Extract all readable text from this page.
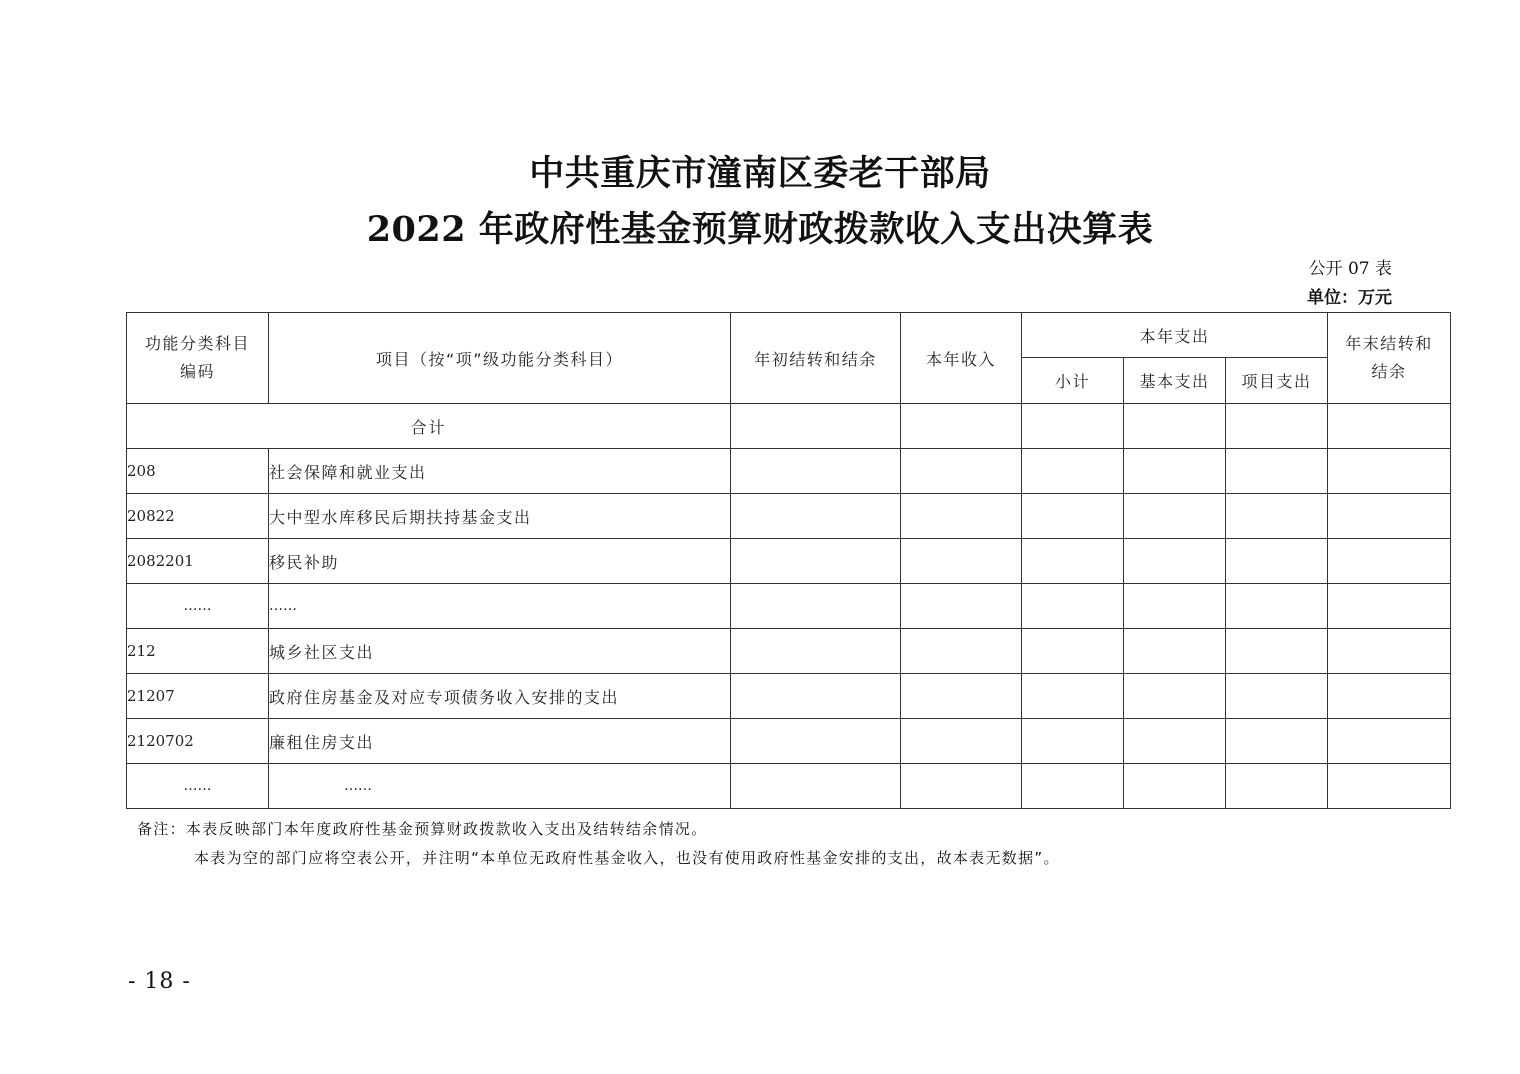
中共重庆市潼南区委老干部局
2022 年政府性基金预算财政拨款收入支出决算表
公开 07 表
单位：万元
功能分类科目编码	项目（按“项”级功能分类科目）	年初结转和结余	本年收入	本年支出			年末结转和结余
				小计	基本支出	项目支出	
合计							
208	社会保障和就业支出						
20822	大中型水库移民后期扶持基金支出						
2082201	移民补助						
……	……						
212	城乡社区支出						
21207	政府住房基金及对应专项债务收入安排的支出						
2120702	廉租住房支出						
……	……						
备注：本表反映部门本年度政府性基金预算财政拨款收入支出及结转结余情况。
本表为空的部门应将空表公开，并注明“本单位无政府性基金收入，也没有使用政府性基金安排的支出，故本表无数据”。
- 18 -
